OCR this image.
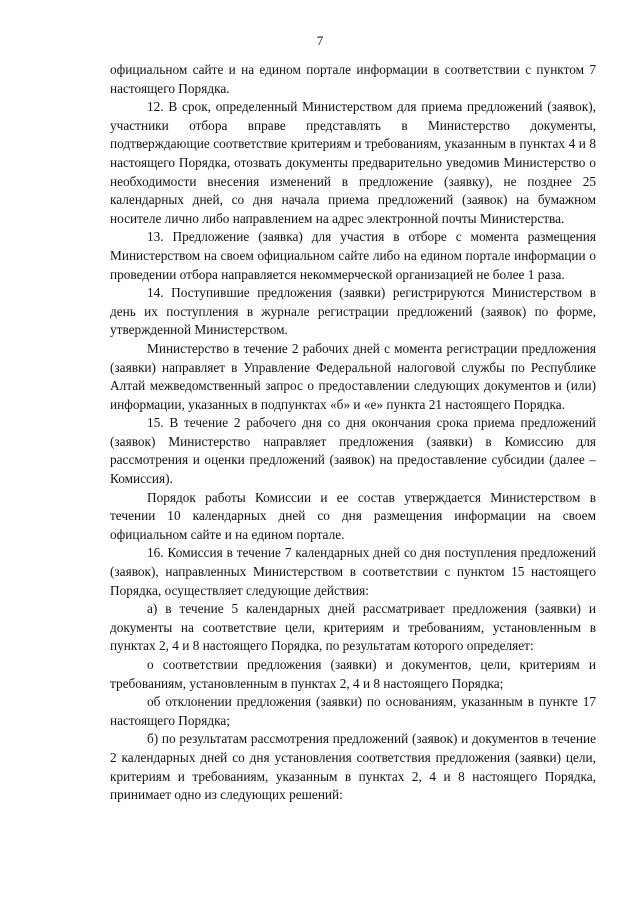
7

официальном сайте и на едином портале информации в соответствии с пунктом 7 настоящего Порядка.

12. В срок, определенный Министерством для приема предложений (заявок), участники отбора вправе представлять в Министерство документы, подтверждающие соответствие критериям и требованиям, указанным в пунктах 4 и 8 настоящего Порядка, отозвать документы предварительно уведомив Министерство о необходимости внесения изменений в предложение (заявку), не позднее 25 календарных дней, со дня начала приема предложений (заявок) на бумажном носителе лично либо направлением на адрес электронной почты Министерства.

13. Предложение (заявка) для участия в отборе с момента размещения Министерством на своем официальном сайте либо на едином портале информации о проведении отбора направляется некоммерческой организацией не более 1 раза.

14. Поступившие предложения (заявки) регистрируются Министерством в день их поступления в журнале регистрации предложений (заявок) по форме, утвержденной Министерством.

Министерство в течение 2 рабочих дней с момента регистрации предложения (заявки) направляет в Управление Федеральной налоговой службы по Республике Алтай межведомственный запрос о предоставлении следующих документов и (или) информации, указанных в подпунктах «б» и «е» пункта 21 настоящего Порядка.

15. В течение 2 рабочего дня со дня окончания срока приема предложений (заявок) Министерство направляет предложения (заявки) в Комиссию для рассмотрения и оценки предложений (заявок) на предоставление субсидии (далее – Комиссия).

Порядок работы Комиссии и ее состав утверждается Министерством в течении 10 календарных дней со дня размещения информации на своем официальном сайте и на едином портале.

16. Комиссия в течение 7 календарных дней со дня поступления предложений (заявок), направленных Министерством в соответствии с пунктом 15 настоящего Порядка, осуществляет следующие действия:

а) в течение 5 календарных дней рассматривает предложения (заявки) и документы на соответствие цели, критериям и требованиям, установленным в пунктах 2, 4 и 8 настоящего Порядка, по результатам которого определяет:

о соответствии предложения (заявки) и документов, цели, критериям и требованиям, установленным в пунктах 2, 4 и 8 настоящего Порядка;

об отклонении предложения (заявки) по основаниям, указанным в пункте 17 настоящего Порядка;

б) по результатам рассмотрения предложений (заявок) и документов в течение 2 календарных дней со дня установления соответствия предложения (заявки) цели, критериям и требованиям, указанным в пунктах 2, 4 и 8 настоящего Порядка, принимает одно из следующих решений:
